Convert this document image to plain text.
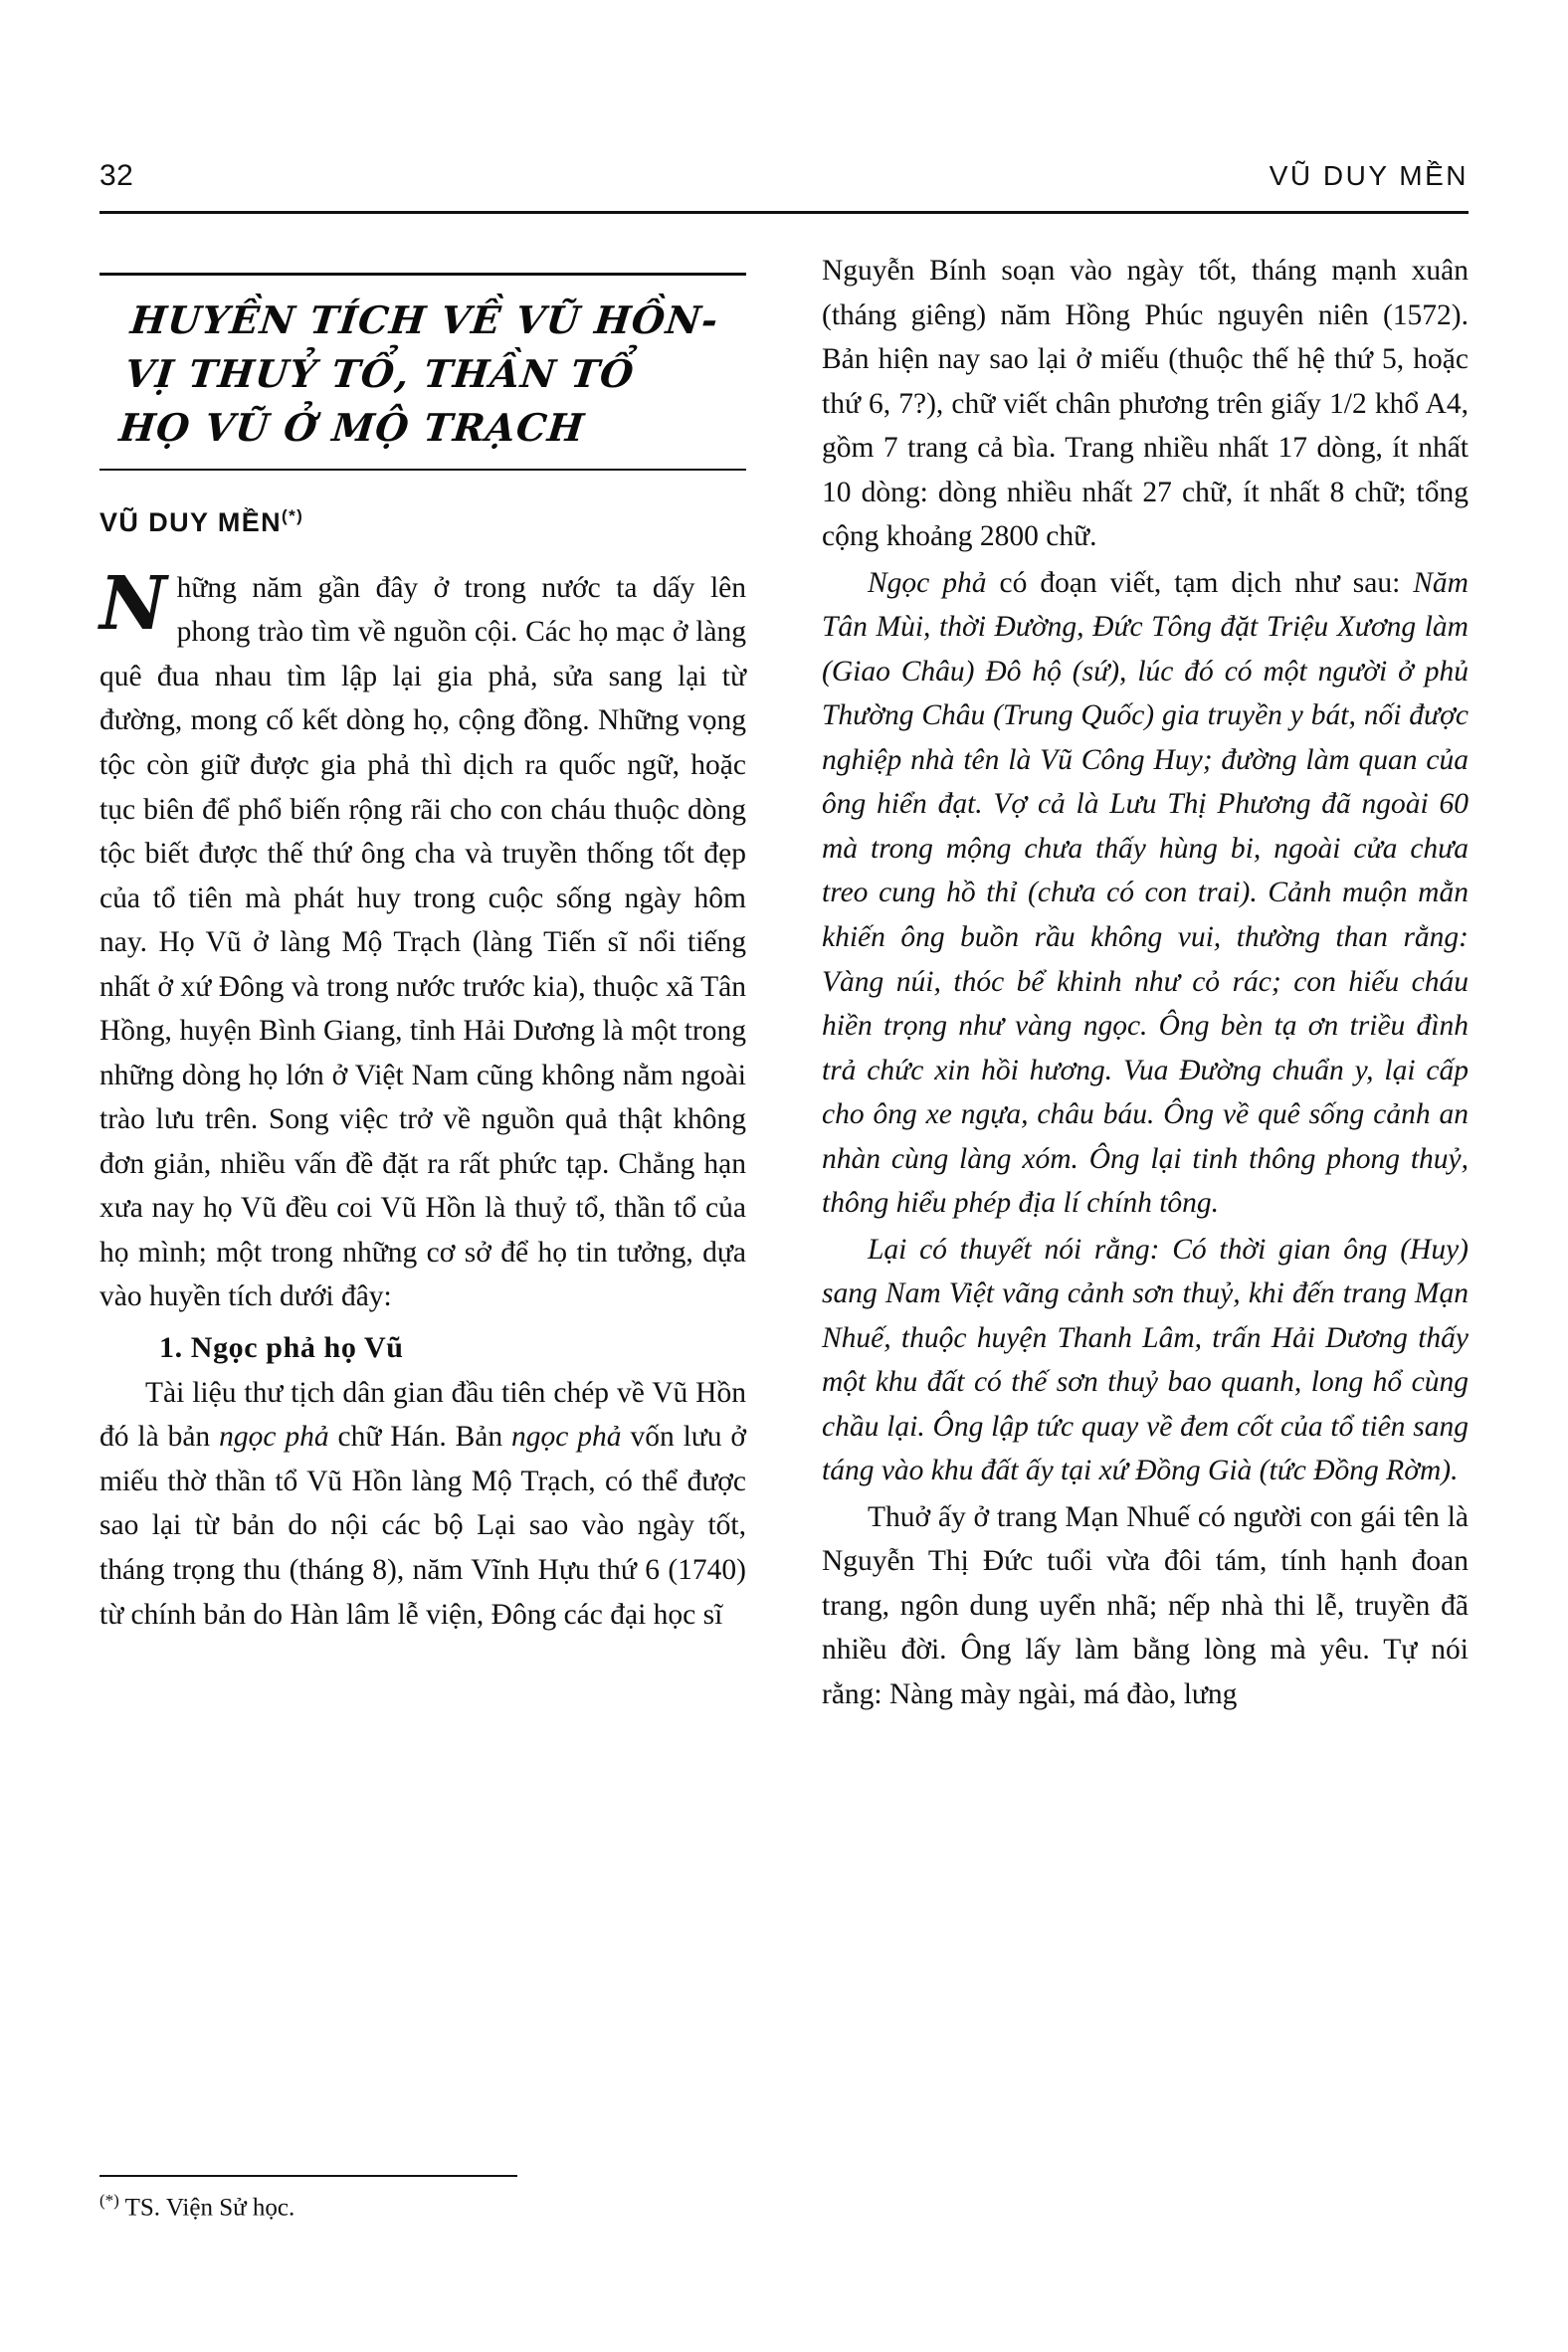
32	VŨ DUY MỀN
HUYỀN TÍCH VỀ VŨ HỒN-
VỊ THUỶ TỔ, THẦN TỔ
HỌ VŨ Ở MỘ TRẠCH
VŨ DUY MỀN(*)

Những năm gần đây ở trong nước ta dấy lên phong trào tìm về nguồn cội. Các họ mạc ở làng quê đua nhau tìm lập lại gia phả, sửa sang lại từ đường, mong cố kết dòng họ, cộng đồng. Những vọng tộc còn giữ được gia phả thì dịch ra quốc ngữ, hoặc tục biên để phổ biến rộng rãi cho con cháu thuộc dòng tộc biết được thế thứ ông cha và truyền thống tốt đẹp của tổ tiên mà phát huy trong cuộc sống ngày hôm nay. Họ Vũ ở làng Mộ Trạch (làng Tiến sĩ nổi tiếng nhất ở xứ Đông và trong nước trước kia), thuộc xã Tân Hồng, huyện Bình Giang, tỉnh Hải Dương là một trong những dòng họ lớn ở Việt Nam cũng không nằm ngoài trào lưu trên. Song việc trở về nguồn quả thật không đơn giản, nhiều vấn đề đặt ra rất phức tạp. Chẳng hạn xưa nay họ Vũ đều coi Vũ Hồn là thuỷ tổ, thần tổ của họ mình; một trong những cơ sở để họ tin tưởng, dựa vào huyền tích dưới đây:

1. Ngọc phả họ Vũ

Tài liệu thư tịch dân gian đầu tiên chép về Vũ Hồn đó là bản ngọc phả chữ Hán. Bản ngọc phả vốn lưu ở miếu thờ thần tổ Vũ Hồn làng Mộ Trạch, có thể được sao lại từ bản do nội các bộ Lại sao vào ngày tốt, tháng trọng thu (tháng 8), năm Vĩnh Hựu thứ 6 (1740) từ chính bản do Hàn lâm lễ viện, Đông các đại học sĩ

Nguyễn Bính soạn vào ngày tốt, tháng mạnh xuân (tháng giêng) năm Hồng Phúc nguyên niên (1572). Bản hiện nay sao lại ở miếu (thuộc thế hệ thứ 5, hoặc thứ 6, 7?), chữ viết chân phương trên giấy 1/2 khổ A4, gồm 7 trang cả bìa. Trang nhiều nhất 17 dòng, ít nhất 10 dòng: dòng nhiều nhất 27 chữ, ít nhất 8 chữ; tổng cộng khoảng 2800 chữ.

Ngọc phả có đoạn viết, tạm dịch như sau: Năm Tân Mùi, thời Đường, Đức Tông đặt Triệu Xương làm (Giao Châu) Đô hộ (sứ), lúc đó có một người ở phủ Thường Châu (Trung Quốc) gia truyền y bát, nối được nghiệp nhà tên là Vũ Công Huy; đường làm quan của ông hiển đạt. Vợ cả là Lưu Thị Phương đã ngoài 60 mà trong mộng chưa thấy hùng bi, ngoài cửa chưa treo cung hồ thỉ (chưa có con trai). Cảnh muộn mằn khiến ông buồn rầu không vui, thường than rằng: Vàng núi, thóc bể khinh như cỏ rác; con hiếu cháu hiền trọng như vàng ngọc. Ông bèn tạ ơn triều đình trả chức xin hồi hương. Vua Đường chuẩn y, lại cấp cho ông xe ngựa, châu báu. Ông về quê sống cảnh an nhàn cùng làng xóm. Ông lại tinh thông phong thuỷ, thông hiểu phép địa lí chính tông.

Lại có thuyết nói rằng: Có thời gian ông (Huy) sang Nam Việt vãng cảnh sơn thuỷ, khi đến trang Mạn Nhuế, thuộc huyện Thanh Lâm, trấn Hải Dương thấy một khu đất có thế sơn thuỷ bao quanh, long hổ cùng chầu lại. Ông lập tức quay về đem cốt của tổ tiên sang táng vào khu đất ấy tại xứ Đồng Già (tức Đồng Rờm).

Thuở ấy ở trang Mạn Nhuế có người con gái tên là Nguyễn Thị Đức tuổi vừa đôi tám, tính hạnh đoan trang, ngôn dung uyển nhã; nếp nhà thi lễ, truyền đã nhiều đời. Ông lấy làm bằng lòng mà yêu. Tự nói rằng: Nàng mày ngài, má đào, lưng

(*) TS. Viện Sử học.
